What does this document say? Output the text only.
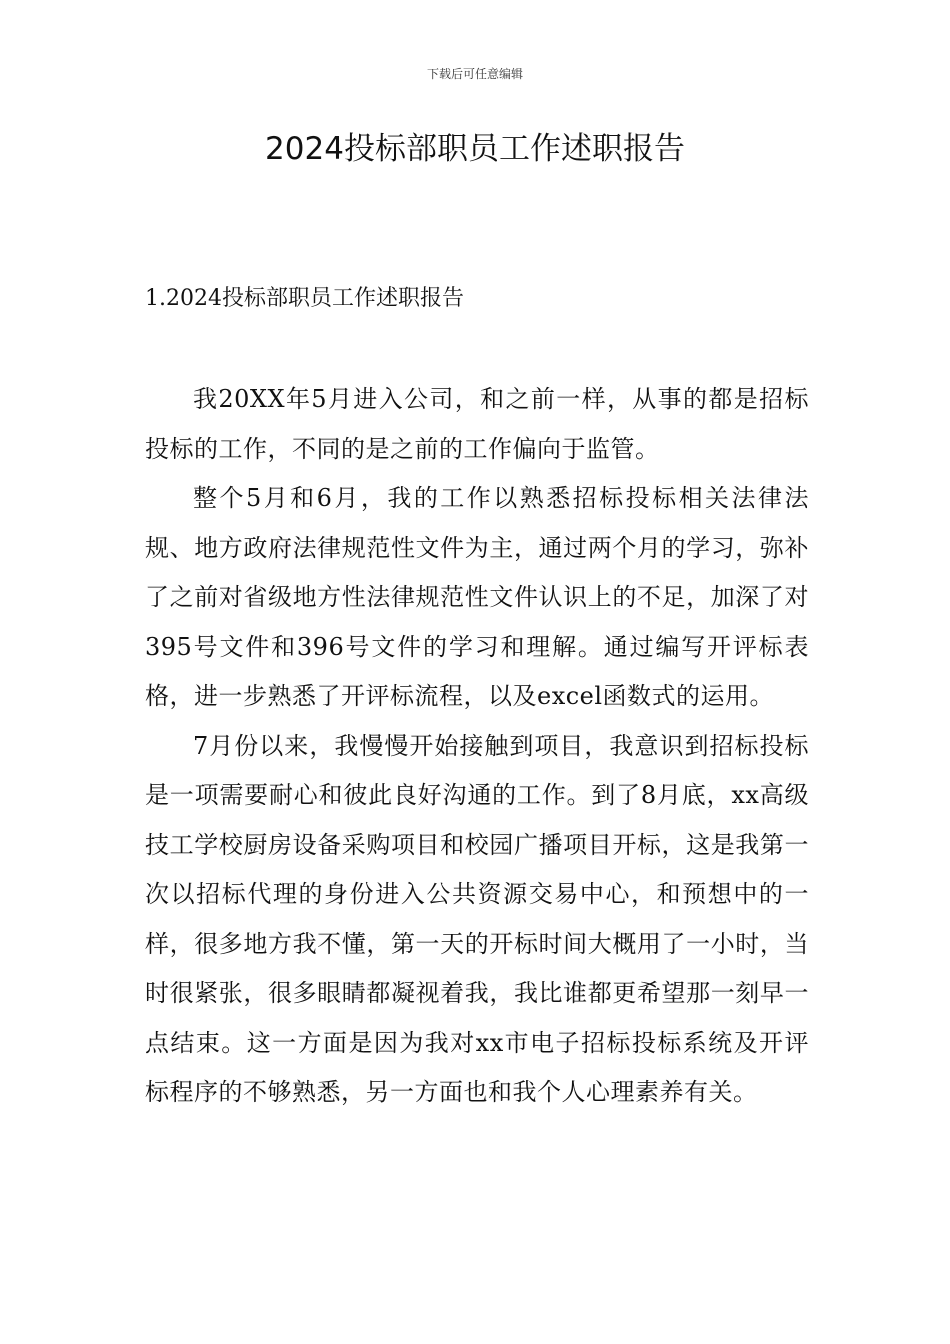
下载后可任意编辑
2024投标部职员工作述职报告
1.2024投标部职员工作述职报告

我20XX年5月进入公司，和之前一样，从事的都是招标投标的工作，不同的是之前的工作偏向于监管。

整个5月和6月，我的工作以熟悉招标投标相关法律法规、地方政府法律规范性文件为主，通过两个月的学习，弥补了之前对省级地方性法律规范性文件认识上的不足，加深了对395号文件和396号文件的学习和理解。通过编写开评标表格，进一步熟悉了开评标流程，以及excel函数式的运用。

7月份以来，我慢慢开始接触到项目，我意识到招标投标是一项需要耐心和彼此良好沟通的工作。到了8月底，xx高级技工学校厨房设备采购项目和校园广播项目开标，这是我第一次以招标代理的身份进入公共资源交易中心，和预想中的一样，很多地方我不懂，第一天的开标时间大概用了一小时，当时很紧张，很多眼睛都凝视着我，我比谁都更希望那一刻早一点结束。这一方面是因为我对xx市电子招标投标系统及开评标程序的不够熟悉，另一方面也和我个人心理素养有关。
